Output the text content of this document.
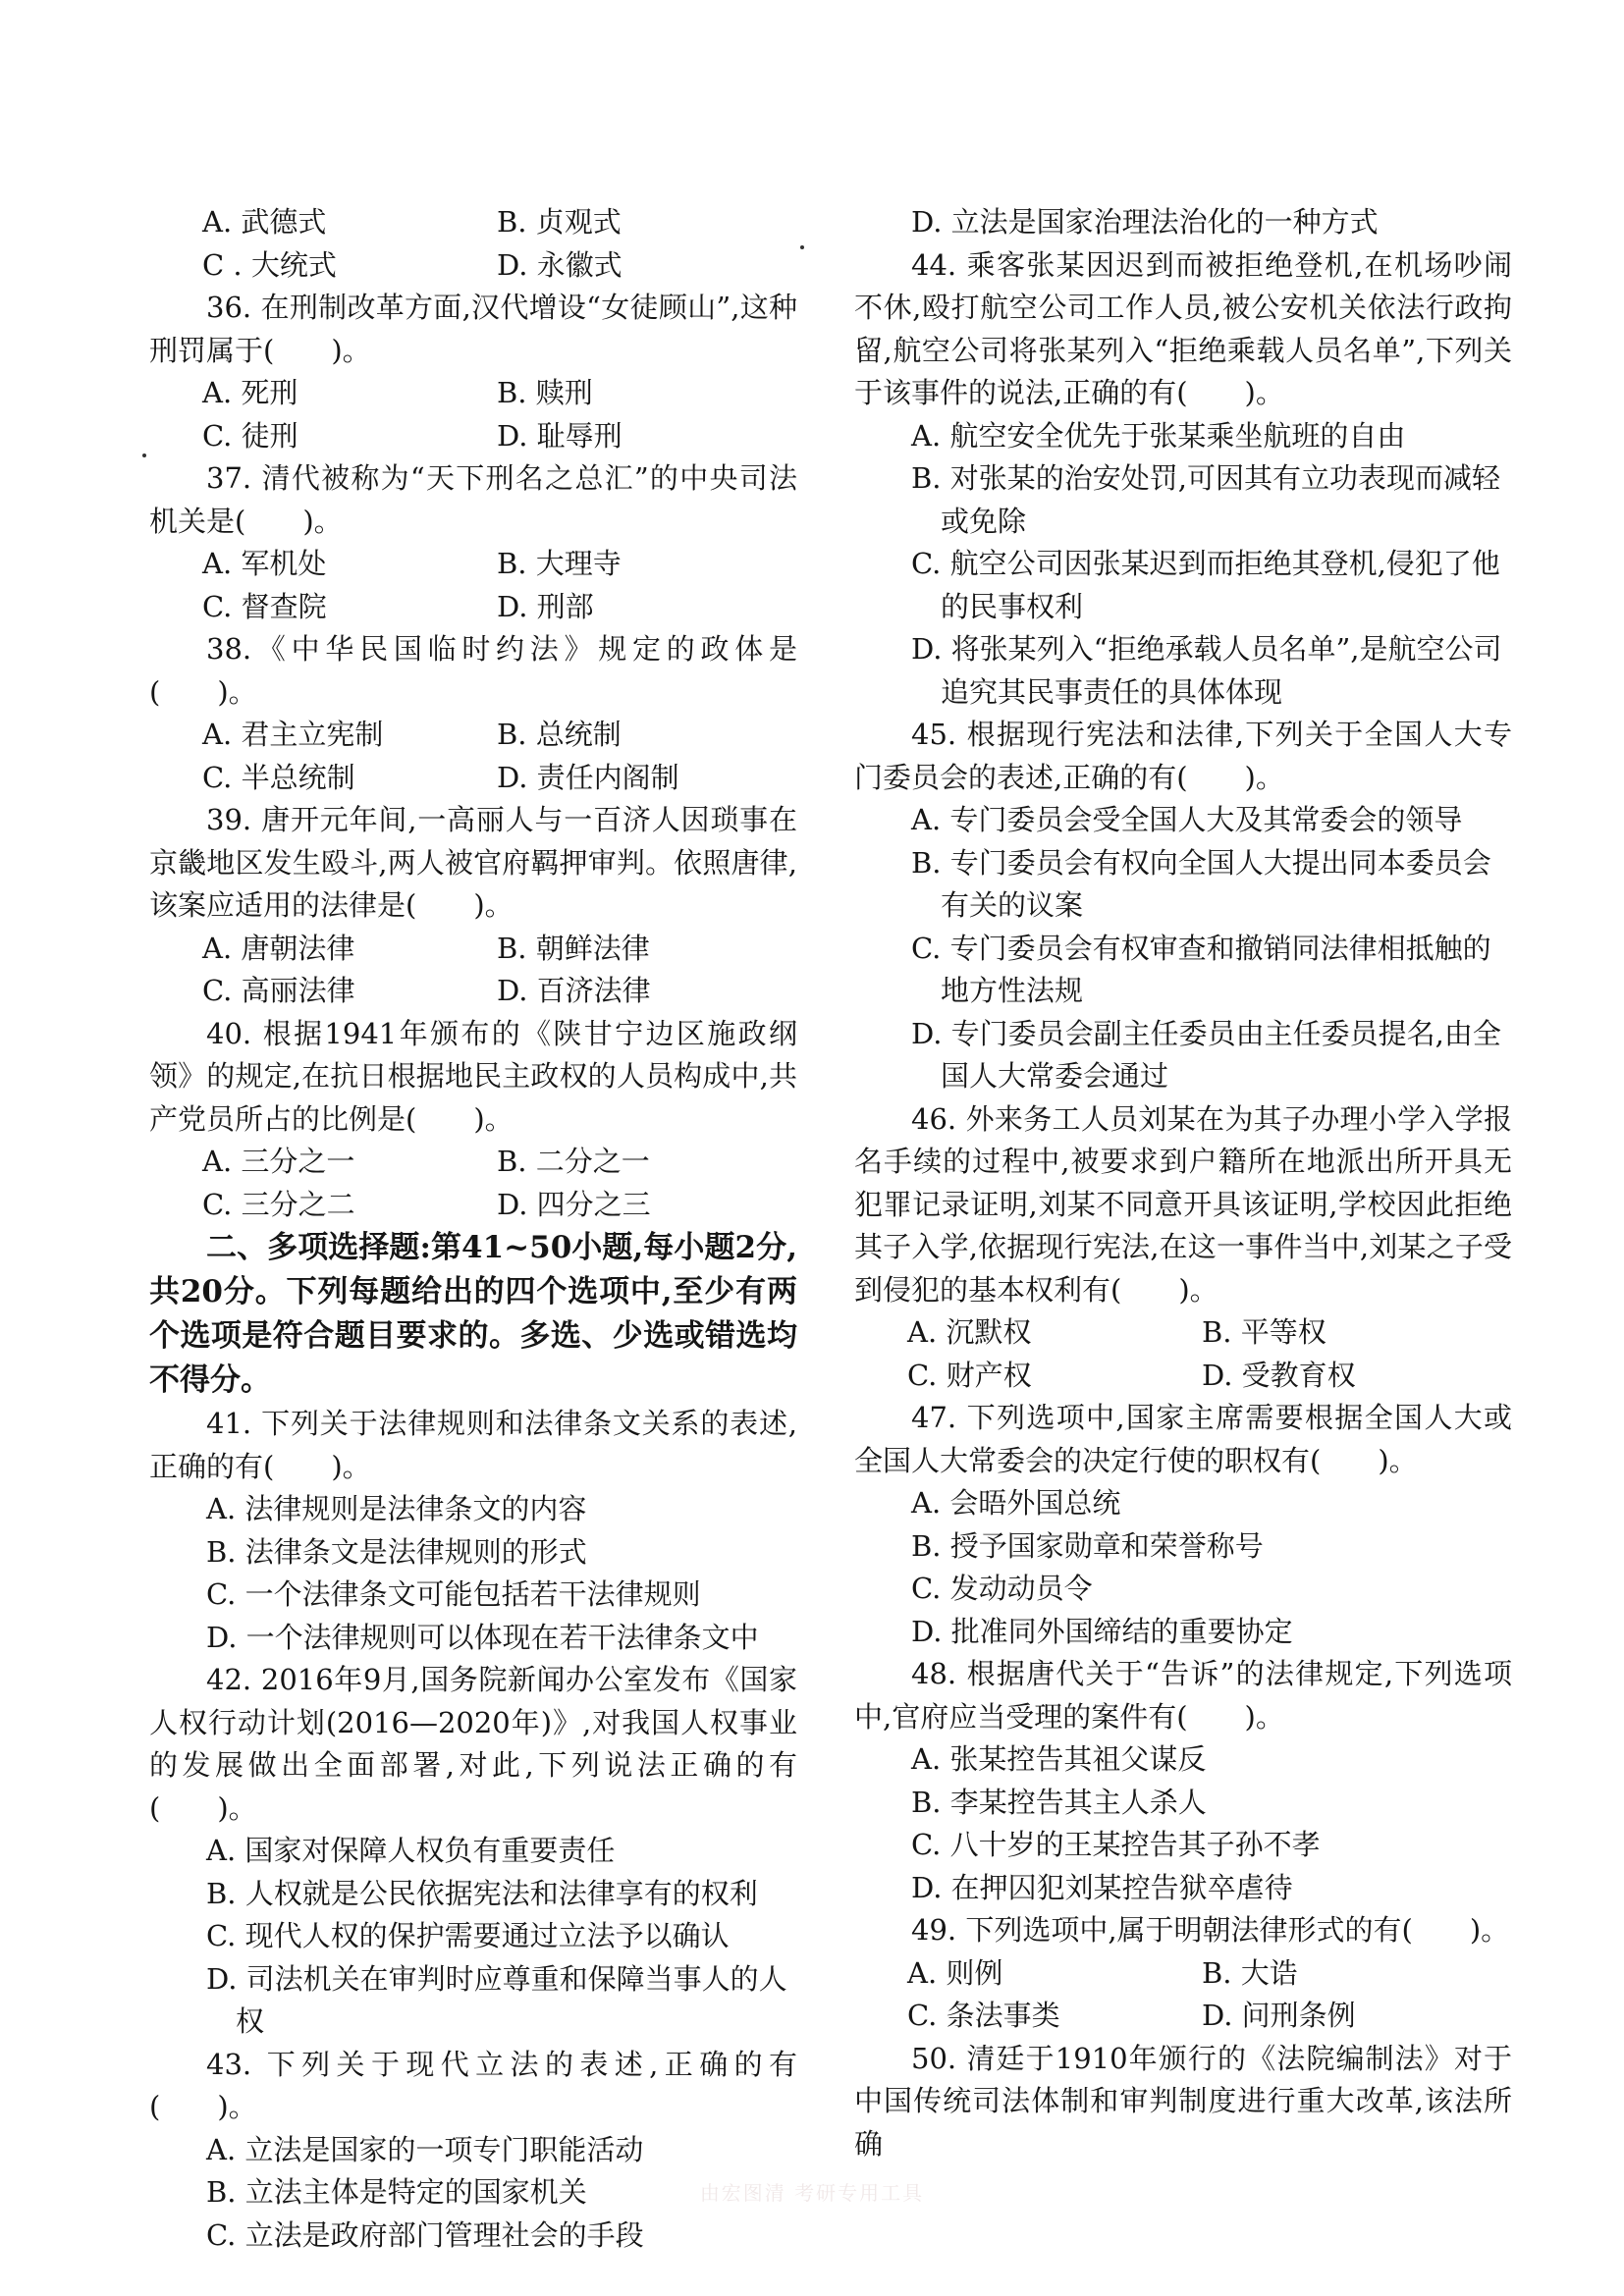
A. 武德式	B. 贞观式
C . 大统式	D. 永徽式

36. 在刑制改革方面,汉代增设“女徒顾山”,这种刑罚属于(　　)。

A. 死刑	B. 赎刑
C. 徒刑	D. 耻辱刑

37. 清代被称为“天下刑名之总汇”的中央司法机关是(　　)。

A. 军机处	B. 大理寺
C. 督查院	D. 刑部

38.《中华民国临时约法》规定的政体是(　　)。

A. 君主立宪制	B. 总统制
C. 半总统制	D. 责任内阁制

39. 唐开元年间,一高丽人与一百济人因琐事在京畿地区发生殴斗,两人被官府羁押审判。依照唐律,该案应适用的法律是(　　)。

A. 唐朝法律	B. 朝鲜法律
C. 高丽法律	D. 百济法律

40. 根据1941年颁布的《陕甘宁边区施政纲领》的规定,在抗日根据地民主政权的人员构成中,共产党员所占的比例是(　　)。

A. 三分之一	B. 二分之一
C. 三分之二	D. 四分之三

二、多项选择题:第41~50小题,每小题2分,共20分。下列每题给出的四个选项中,至少有两个选项是符合题目要求的。多选、少选或错选均不得分。

41. 下列关于法律规则和法律条文关系的表述,正确的有(　　)。

A. 法律规则是法律条文的内容

B. 法律条文是法律规则的形式

C. 一个法律条文可能包括若干法律规则

D. 一个法律规则可以体现在若干法律条文中

42. 2016年9月,国务院新闻办公室发布《国家人权行动计划(2016—2020年)》,对我国人权事业的发展做出全面部署,对此,下列说法正确的有(　　)。

A. 国家对保障人权负有重要责任

B. 人权就是公民依据宪法和法律享有的权利

C. 现代人权的保护需要通过立法予以确认

D. 司法机关在审判时应尊重和保障当事人的人权

43. 下列关于现代立法的表述,正确的有(　　)。

A. 立法是国家的一项专门职能活动

B. 立法主体是特定的国家机关

C. 立法是政府部门管理社会的手段

D. 立法是国家治理法治化的一种方式

44. 乘客张某因迟到而被拒绝登机,在机场吵闹不休,殴打航空公司工作人员,被公安机关依法行政拘留,航空公司将张某列入“拒绝乘载人员名单”,下列关于该事件的说法,正确的有(　　)。

A. 航空安全优先于张某乘坐航班的自由

B. 对张某的治安处罚,可因其有立功表现而减轻或免除

C. 航空公司因张某迟到而拒绝其登机,侵犯了他的民事权利

D. 将张某列入“拒绝承载人员名单”,是航空公司追究其民事责任的具体体现

45. 根据现行宪法和法律,下列关于全国人大专门委员会的表述,正确的有(　　)。

A. 专门委员会受全国人大及其常委会的领导

B. 专门委员会有权向全国人大提出同本委员会有关的议案

C. 专门委员会有权审查和撤销同法律相抵触的地方性法规

D. 专门委员会副主任委员由主任委员提名,由全国人大常委会通过

46. 外来务工人员刘某在为其子办理小学入学报名手续的过程中,被要求到户籍所在地派出所开具无犯罪记录证明,刘某不同意开具该证明,学校因此拒绝其子入学,依据现行宪法,在这一事件当中,刘某之子受到侵犯的基本权利有(　　)。

A. 沉默权	B. 平等权
C. 财产权	D. 受教育权

47. 下列选项中,国家主席需要根据全国人大或全国人大常委会的决定行使的职权有(　　)。

A. 会晤外国总统

B. 授予国家勋章和荣誉称号

C. 发动动员令

D. 批准同外国缔结的重要协定

48. 根据唐代关于“告诉”的法律规定,下列选项中,官府应当受理的案件有(　　)。

A. 张某控告其祖父谋反

B. 李某控告其主人杀人

C. 八十岁的王某控告其子孙不孝

D. 在押囚犯刘某控告狱卒虐待

49. 下列选项中,属于明朝法律形式的有(　　)。

A. 则例	B. 大诰
C. 条法事类	D. 问刑条例

50. 清廷于1910年颁行的《法院编制法》对于中国传统司法体制和审判制度进行重大改革,该法所确

由宏图清 考研专用工具
